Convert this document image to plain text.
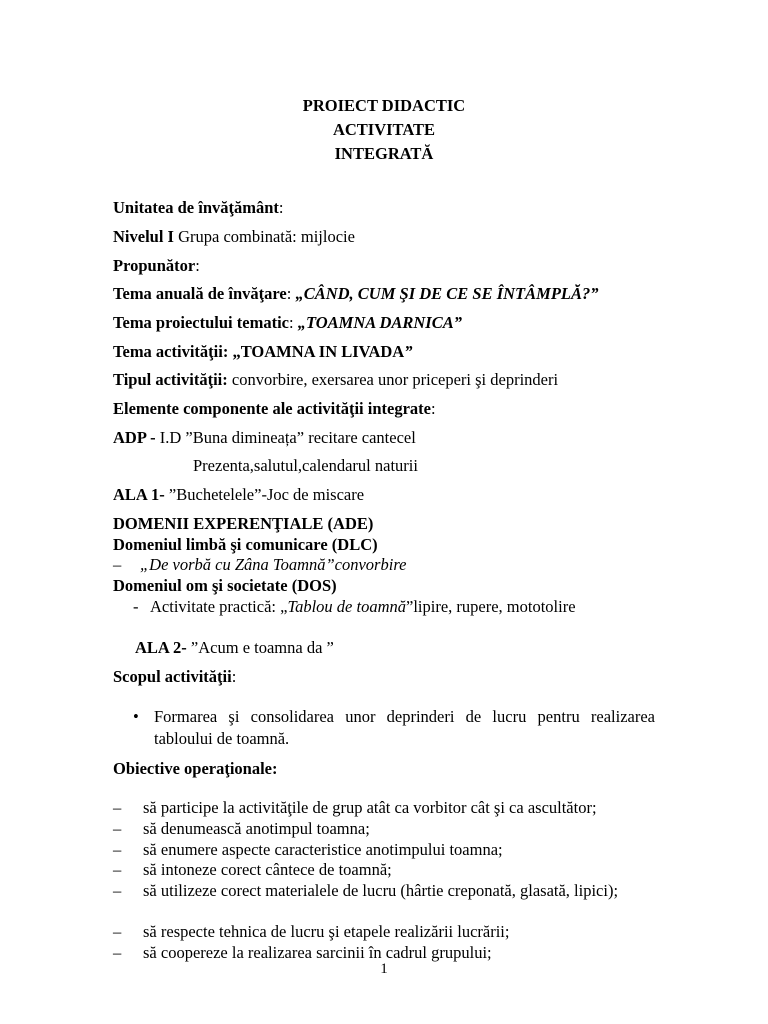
PROIECT DIDACTIC
ACTIVITATE
INTEGRATĂ
Unitatea de învăţământ:
Nivelul I Grupa combinată: mijlocie
Propunător:
Tema anuală de învăţare: „CÂND, CUM ŞI DE CE SE ÎNTÂMPLĂ?”
Tema proiectului tematic: „TOAMNA DARNICA”
Tema activităţii: „TOAMNA IN LIVADA”
Tipul activităţii: convorbire, exersarea unor priceperi şi deprinderi
Elemente componente ale activităţii integrate:
ADP - I.D ”Buna dimineața” recitare cantecel
Prezenta,salutul,calendarul naturii
ALA 1- ”Buchetelele”-Joc de miscare
DOMENII EXPERENŢIALE (ADE)
Domeniul limbă şi comunicare (DLC)
– „De vorbă cu Zâna Toamnă”convorbire
Domeniul om şi societate (DOS)
- Activitate practică: „Tablou de toamnă”lipire, rupere, mototolire
ALA 2- ”Acum e toamna da ”
Scopul activităţii:
• Formarea şi consolidarea unor deprinderi de lucru pentru realizarea tabloului de toamnă.
Obiective operaţionale:
– să participe la activităţile de grup atât ca vorbitor cât şi ca ascultător;
– să denumească anotimpul toamna;
– să enumere aspecte caracteristice anotimpului toamna;
– să intoneze corect cântece de toamnă;
– să utilizeze corect materialele de lucru (hârtie creponată, glasată, lipici);
– să respecte tehnica de lucru şi etapele realizării lucrării;
– să coopereze la realizarea sarcinii în cadrul grupului;
1
